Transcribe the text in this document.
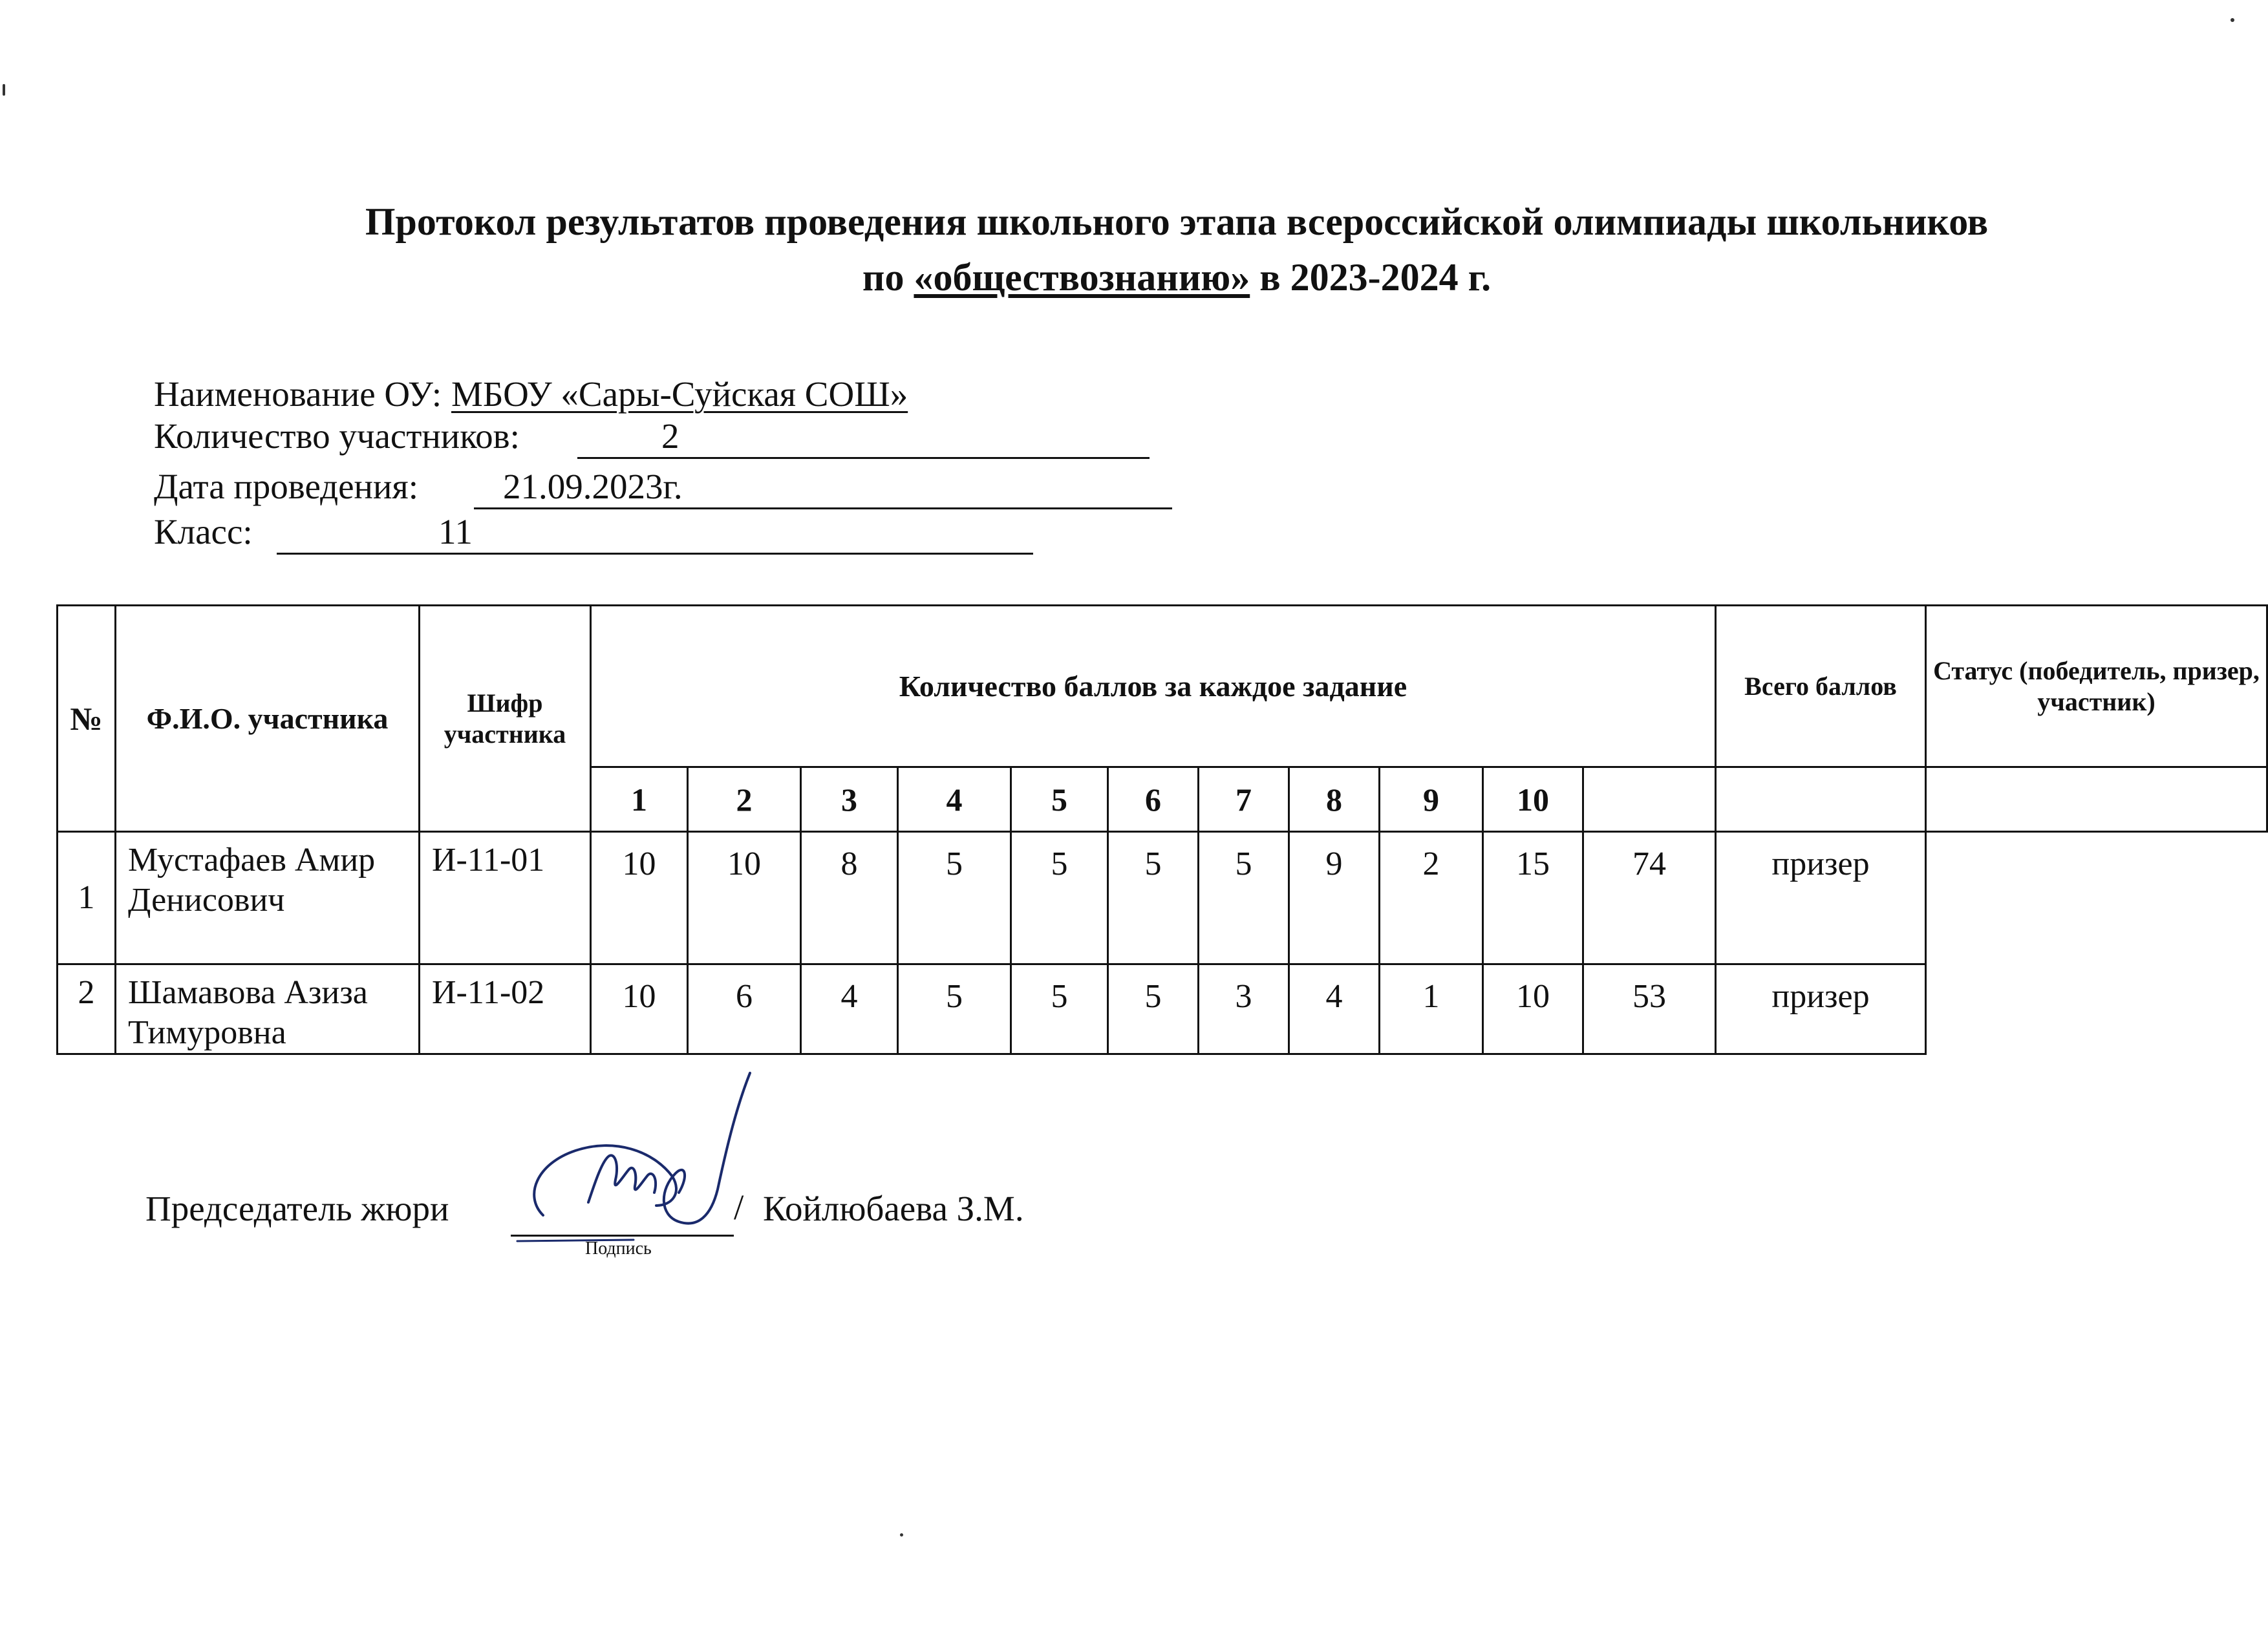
Протокол результатов проведения школьного этапа всероссийской олимпиады школьников
по «обществознанию» в 2023-2024 г.
Наименование ОУ: МБОУ «Сары-Суйская СОШ»
Количество участников:	2
Дата проведения: 21.09.2023г.
Класс:	11
№	Ф.И.О. участника	Шифр участника	Количество баллов за каждое задание											Всего баллов	Статус (победитель, призер, участник)
			1	2	3	4	5	6	7	8	9	10			
1	Мустафаев Амир Денисович	И-11-01	10	10	8	5	5	5	5	9	2	15	74	призер	
2	Шамавова Азиза Тимуровна	И-11-02	10	6	4	5	5	5	3	4	1	10	53	призер	
Председатель жюри	/
Подпись
Койлюбаева З.М.
